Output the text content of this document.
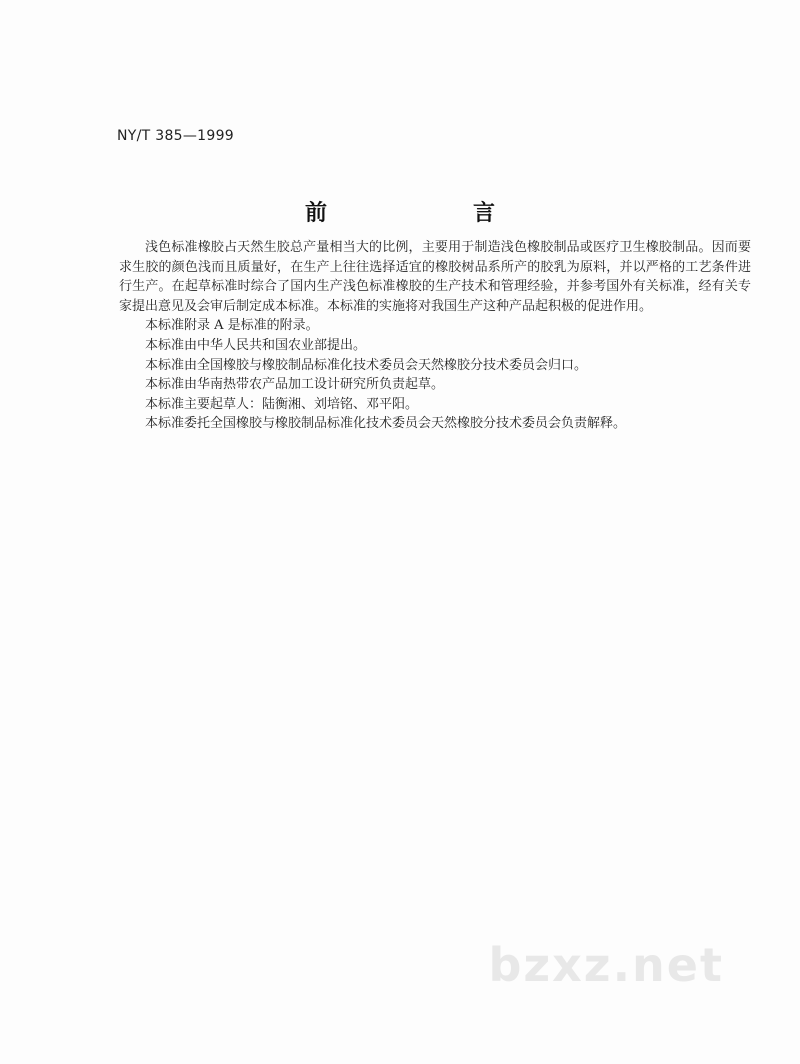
NY/T 385—1999
前　　言

浅色标准橡胶占天然生胶总产量相当大的比例，主要用于制造浅色橡胶制品或医疗卫生橡胶制品。因而要求生胶的颜色浅而且质量好，在生产上往往选择适宜的橡胶树品系所产的胶乳为原料，并以严格的工艺条件进行生产。在起草标准时综合了国内生产浅色标准橡胶的生产技术和管理经验，并参考国外有关标准，经有关专家提出意见及会审后制定成本标准。本标准的实施将对我国生产这种产品起积极的促进作用。

本标准附录 A 是标准的附录。

本标准由中华人民共和国农业部提出。

本标准由全国橡胶与橡胶制品标准化技术委员会天然橡胶分技术委员会归口。

本标准由华南热带农产品加工设计研究所负责起草。

本标准主要起草人：陆衡湘、刘培铭、邓平阳。

本标准委托全国橡胶与橡胶制品标准化技术委员会天然橡胶分技术委员会负责解释。

bzxz.net
